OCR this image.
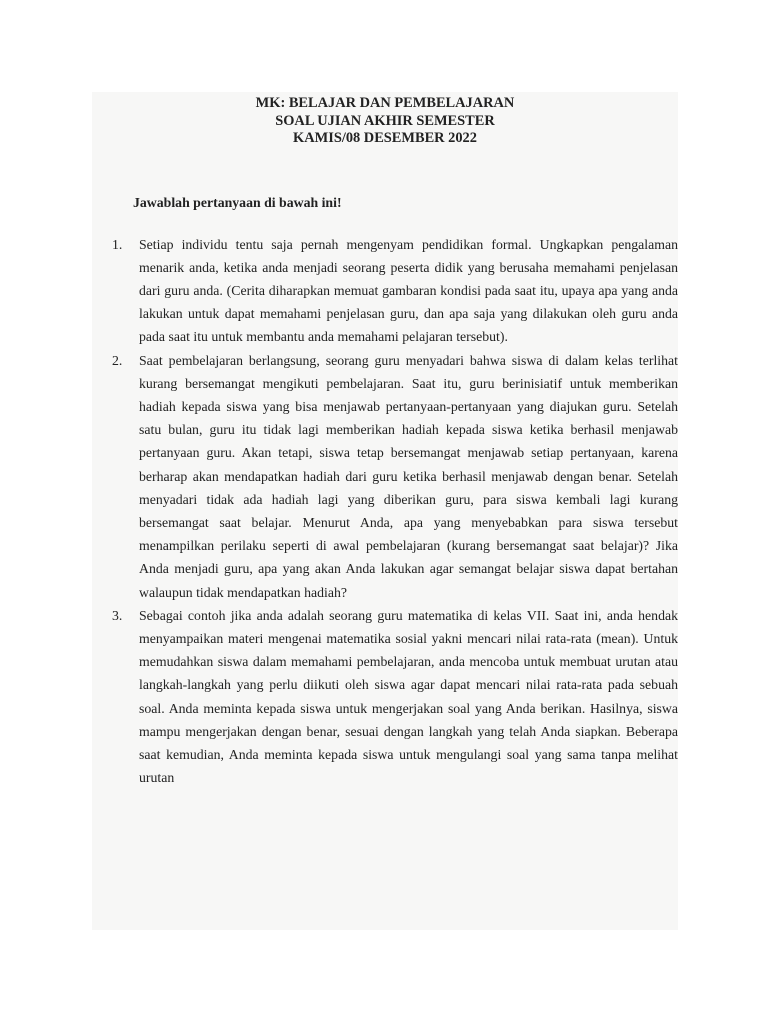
MK: BELAJAR DAN PEMBELAJARAN
SOAL UJIAN AKHIR SEMESTER
KAMIS/08 DESEMBER 2022
Jawablah pertanyaan di bawah ini!
1. Setiap individu tentu saja pernah mengenyam pendidikan formal. Ungkapkan pengalaman menarik anda, ketika anda menjadi seorang peserta didik yang berusaha memahami penjelasan dari guru anda. (Cerita diharapkan memuat gambaran kondisi pada saat itu, upaya apa yang anda lakukan untuk dapat memahami penjelasan guru, dan apa saja yang dilakukan oleh guru anda pada saat itu untuk membantu anda memahami pelajaran tersebut).
2. Saat pembelajaran berlangsung, seorang guru menyadari bahwa siswa di dalam kelas terlihat kurang bersemangat mengikuti pembelajaran. Saat itu, guru berinisiatif untuk memberikan hadiah kepada siswa yang bisa menjawab pertanyaan-pertanyaan yang diajukan guru. Setelah satu bulan, guru itu tidak lagi memberikan hadiah kepada siswa ketika berhasil menjawab pertanyaan guru. Akan tetapi, siswa tetap bersemangat menjawab setiap pertanyaan, karena berharap akan mendapatkan hadiah dari guru ketika berhasil menjawab dengan benar. Setelah menyadari tidak ada hadiah lagi yang diberikan guru, para siswa kembali lagi kurang bersemangat saat belajar. Menurut Anda, apa yang menyebabkan para siswa tersebut menampilkan perilaku seperti di awal pembelajaran (kurang bersemangat saat belajar)? Jika Anda menjadi guru, apa yang akan Anda lakukan agar semangat belajar siswa dapat bertahan walaupun tidak mendapatkan hadiah?
3. Sebagai contoh jika anda adalah seorang guru matematika di kelas VII. Saat ini, anda hendak menyampaikan materi mengenai matematika sosial yakni mencari nilai rata-rata (mean). Untuk memudahkan siswa dalam memahami pembelajaran, anda mencoba untuk membuat urutan atau langkah-langkah yang perlu diikuti oleh siswa agar dapat mencari nilai rata-rata pada sebuah soal. Anda meminta kepada siswa untuk mengerjakan soal yang Anda berikan. Hasilnya, siswa mampu mengerjakan dengan benar, sesuai dengan langkah yang telah Anda siapkan. Beberapa saat kemudian, Anda meminta kepada siswa untuk mengulangi soal yang sama tanpa melihat urutan
